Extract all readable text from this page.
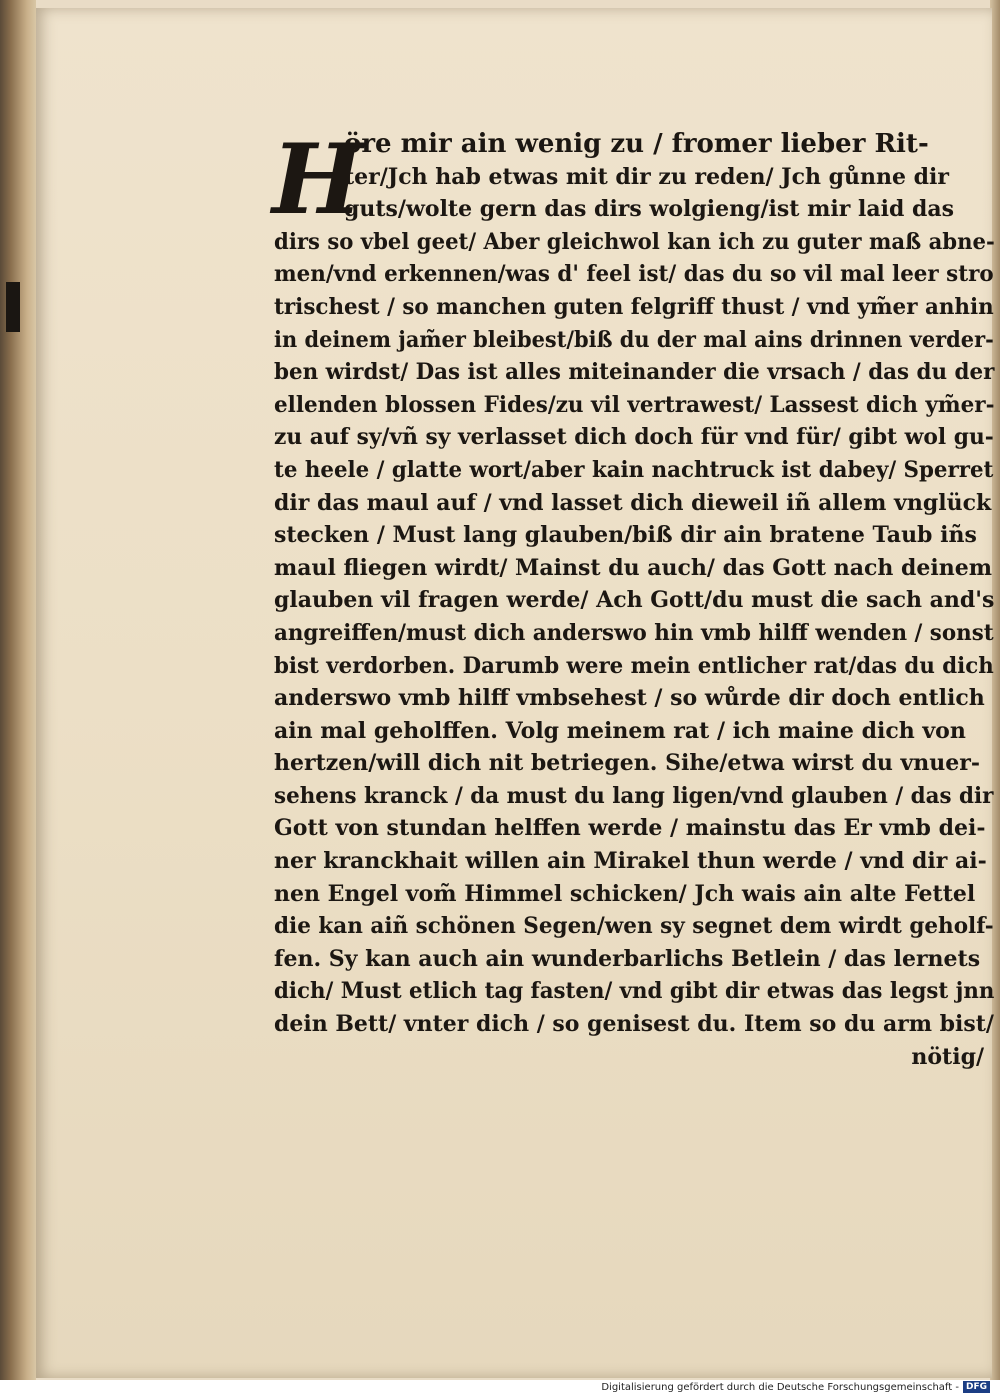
H
öre mir ain wenig zu / fromer lieber Rit-
ter/Jch hab etwas mit dir zu reden/ Jch gůnne dir
guts/wolte gern das dirs wolgieng/ist mir laid das
dirs so vbel geet/ Aber gleichwol kan ich zu guter maß abne-
men/vnd erkennen/was d' feel ist/ das du so vil mal leer stro
trischest / so manchen guten felgriff thust / vnd ym̃er anhin
in deinem jam̃er bleibest/biß du der mal ains drinnen verder-
ben wirdst/ Das ist alles miteinander die vrsach / das du der
ellenden blossen Fides/zu vil vertrawest/ Lassest dich ym̃er-
zu auf sy/vñ sy verlasset dich doch für vnd für/ gibt wol gu-
te heele / glatte wort/aber kain nachtruck ist dabey/ Sperret
dir das maul auf / vnd lasset dich dieweil iñ allem vnglück
stecken / Must lang glauben/biß dir ain bratene Taub iñs
maul fliegen wirdt/ Mainst du auch/ das Gott nach deinem
glauben vil fragen werde/ Ach Gott/du must die sach and's
angreiffen/must dich anderswo hin vmb hilff wenden / sonst
bist verdorben. Darumb were mein entlicher rat/das du dich
anderswo vmb hilff vmbsehest / so wůrde dir doch entlich
ain mal geholffen. Volg meinem rat / ich maine dich von
hertzen/will dich nit betriegen. Sihe/etwa wirst du vnuer-
sehens kranck / da must du lang ligen/vnd glauben / das dir
Gott von stundan helffen werde / mainstu das Er vmb dei-
ner kranckhait willen ain Mirakel thun werde / vnd dir ai-
nen Engel vom̃ Himmel schicken/ Jch wais ain alte Fettel
die kan aiñ schönen Segen/wen sy segnet dem wirdt geholf-
fen. Sy kan auch ain wunderbarlichs Betlein / das lernets
dich/ Must etlich tag fasten/ vnd gibt dir etwas das legst jnn
dein Bett/ vnter dich / so genisest du. Item so du arm bist/
nötig/
Digitalisierung gefördert durch die Deutsche Forschungsgemeinschaft - DFG
